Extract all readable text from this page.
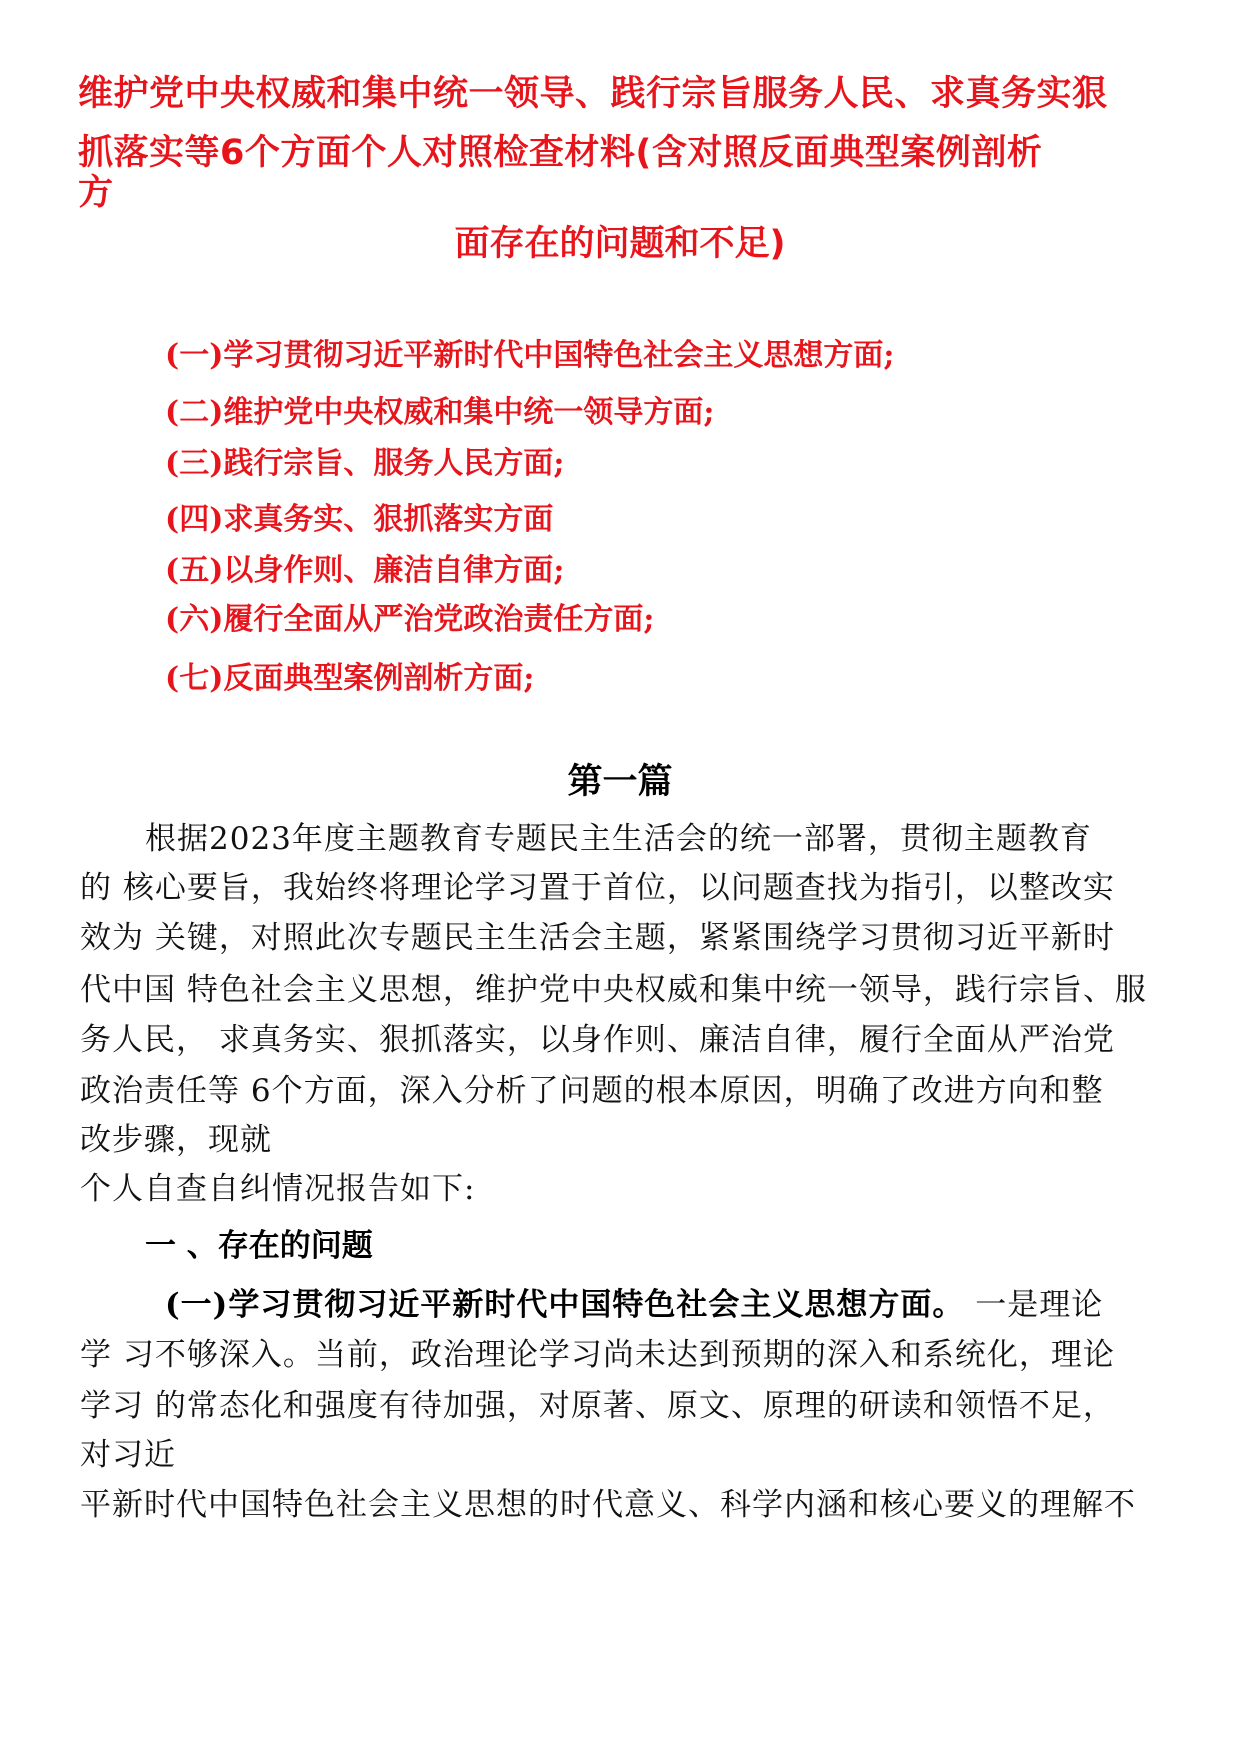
维护党中央权威和集中统一领导、践行宗旨服务人民、求真务实狠

抓落实等6个方面个人对照检查材料(含对照反面典型案例剖析

方

面存在的问题和不足)

(一)学习贯彻习近平新时代中国特色社会主义思想方面;

(二)维护党中央权威和集中统一领导方面;

(三)践行宗旨、服务人民方面;

(四)求真务实、狠抓落实方面

(五)以身作则、廉洁自律方面;

(六)履行全面从严治党政治责任方面;

(七)反面典型案例剖析方面;

第一篇

根据2023年度主题教育专题民主生活会的统一部署，贯彻主题教育

的 核心要旨，我始终将理论学习置于首位，以问题查找为指引，以整改实

效为 关键，对照此次专题民主生活会主题，紧紧围绕学习贯彻习近平新时

代中国 特色社会主义思想，维护党中央权威和集中统一领导，践行宗旨、服

务人民， 求真务实、狠抓落实，以身作则、廉洁自律，履行全面从严治党

政治责任等 6个方面，深入分析了问题的根本原因，明确了改进方向和整

改步骤，现就

个人自查自纠情况报告如下:

一 、存在的问题

(一)学习贯彻习近平新时代中国特色社会主义思想方面。 一是理论

学 习不够深入。当前，政治理论学习尚未达到预期的深入和系统化，理论

学习 的常态化和强度有待加强，对原著、原文、原理的研读和领悟不足，

对习近

平新时代中国特色社会主义思想的时代意义、科学内涵和核心要义的理解不
